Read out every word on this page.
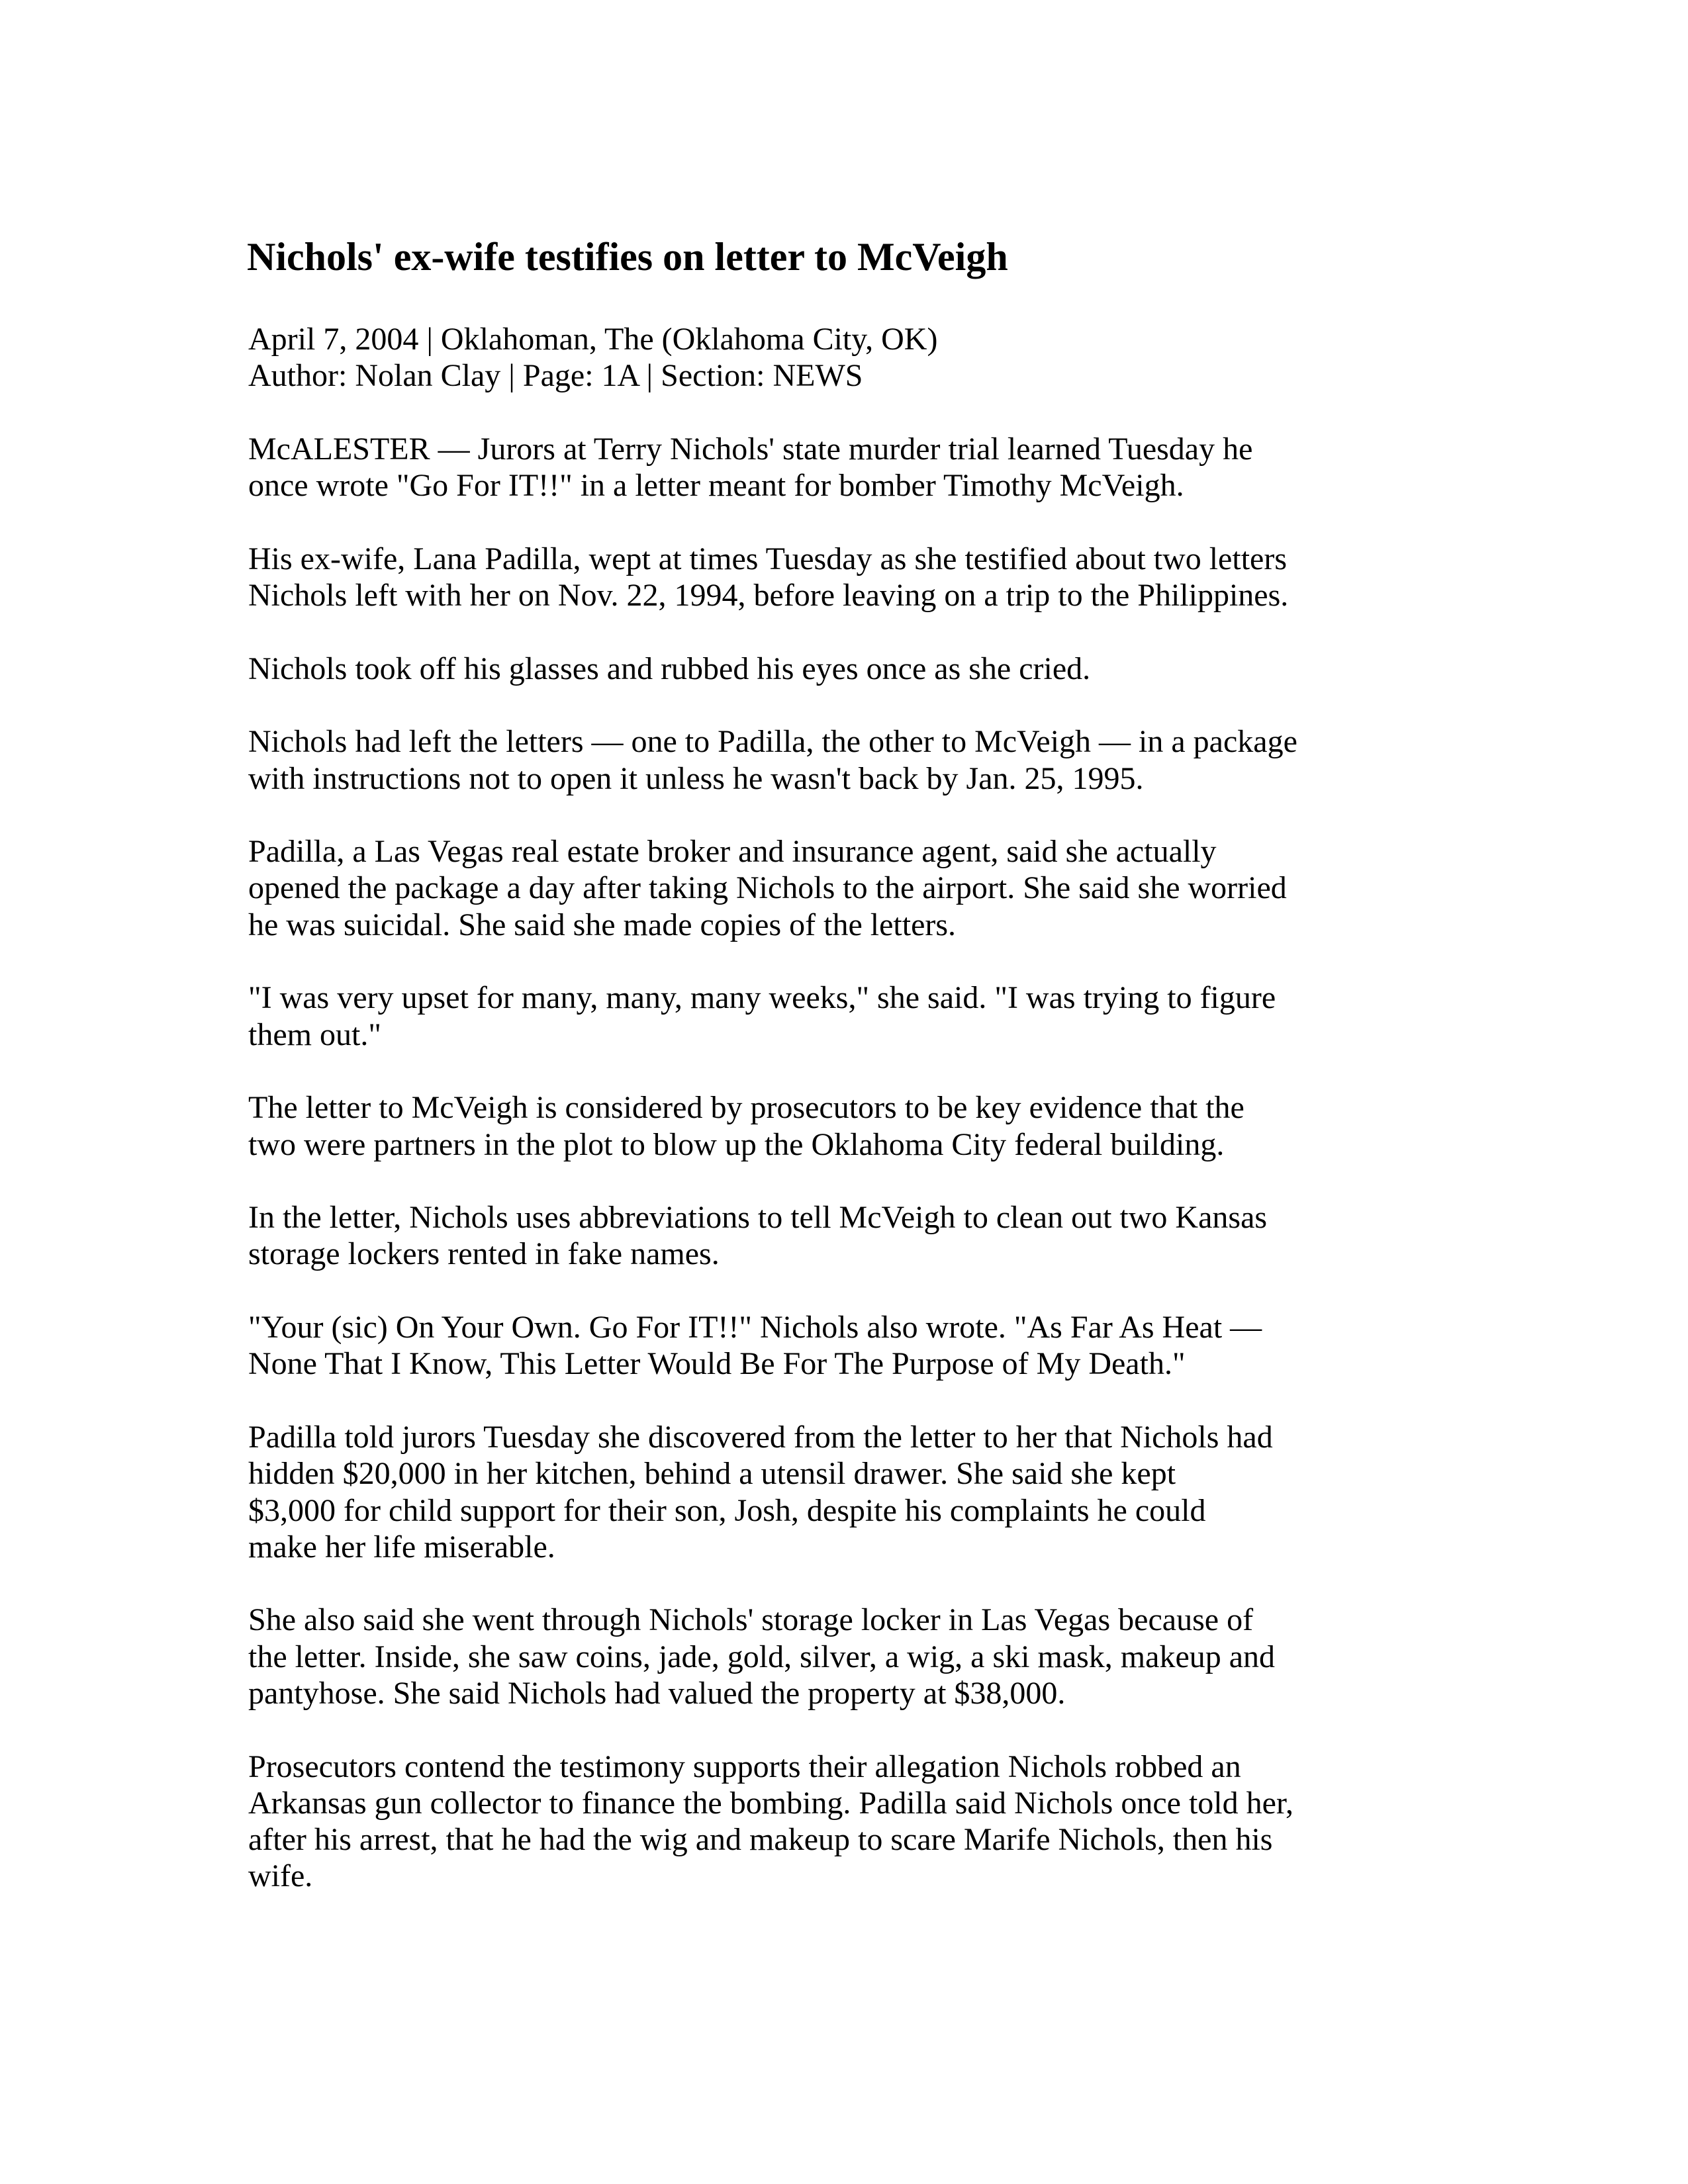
Nichols' ex-wife testifies on letter to McVeigh
April 7, 2004 | Oklahoman, The (Oklahoma City, OK)
Author: Nolan Clay | Page: 1A | Section: NEWS

McALESTER — Jurors at Terry Nichols' state murder trial learned Tuesday he
once wrote "Go For IT!!" in a letter meant for bomber Timothy McVeigh.

His ex-wife, Lana Padilla, wept at times Tuesday as she testified about two letters
Nichols left with her on Nov. 22, 1994, before leaving on a trip to the Philippines.

Nichols took off his glasses and rubbed his eyes once as she cried.

Nichols had left the letters — one to Padilla, the other to McVeigh — in a package
with instructions not to open it unless he wasn't back by Jan. 25, 1995.

Padilla, a Las Vegas real estate broker and insurance agent, said she actually
opened the package a day after taking Nichols to the airport. She said she worried
he was suicidal. She said she made copies of the letters.

"I was very upset for many, many, many weeks," she said. "I was trying to figure
them out."

The letter to McVeigh is considered by prosecutors to be key evidence that the
two were partners in the plot to blow up the Oklahoma City federal building.

In the letter, Nichols uses abbreviations to tell McVeigh to clean out two Kansas
storage lockers rented in fake names.

"Your (sic) On Your Own. Go For IT!!" Nichols also wrote. "As Far As Heat —
None That I Know, This Letter Would Be For The Purpose of My Death."

Padilla told jurors Tuesday she discovered from the letter to her that Nichols had
hidden $20,000 in her kitchen, behind a utensil drawer. She said she kept
$3,000 for child support for their son, Josh, despite his complaints he could
make her life miserable.

She also said she went through Nichols' storage locker in Las Vegas because of
the letter. Inside, she saw coins, jade, gold, silver, a wig, a ski mask, makeup and
pantyhose. She said Nichols had valued the property at $38,000.

Prosecutors contend the testimony supports their allegation Nichols robbed an
Arkansas gun collector to finance the bombing. Padilla said Nichols once told her,
after his arrest, that he had the wig and makeup to scare Marife Nichols, then his
wife.
